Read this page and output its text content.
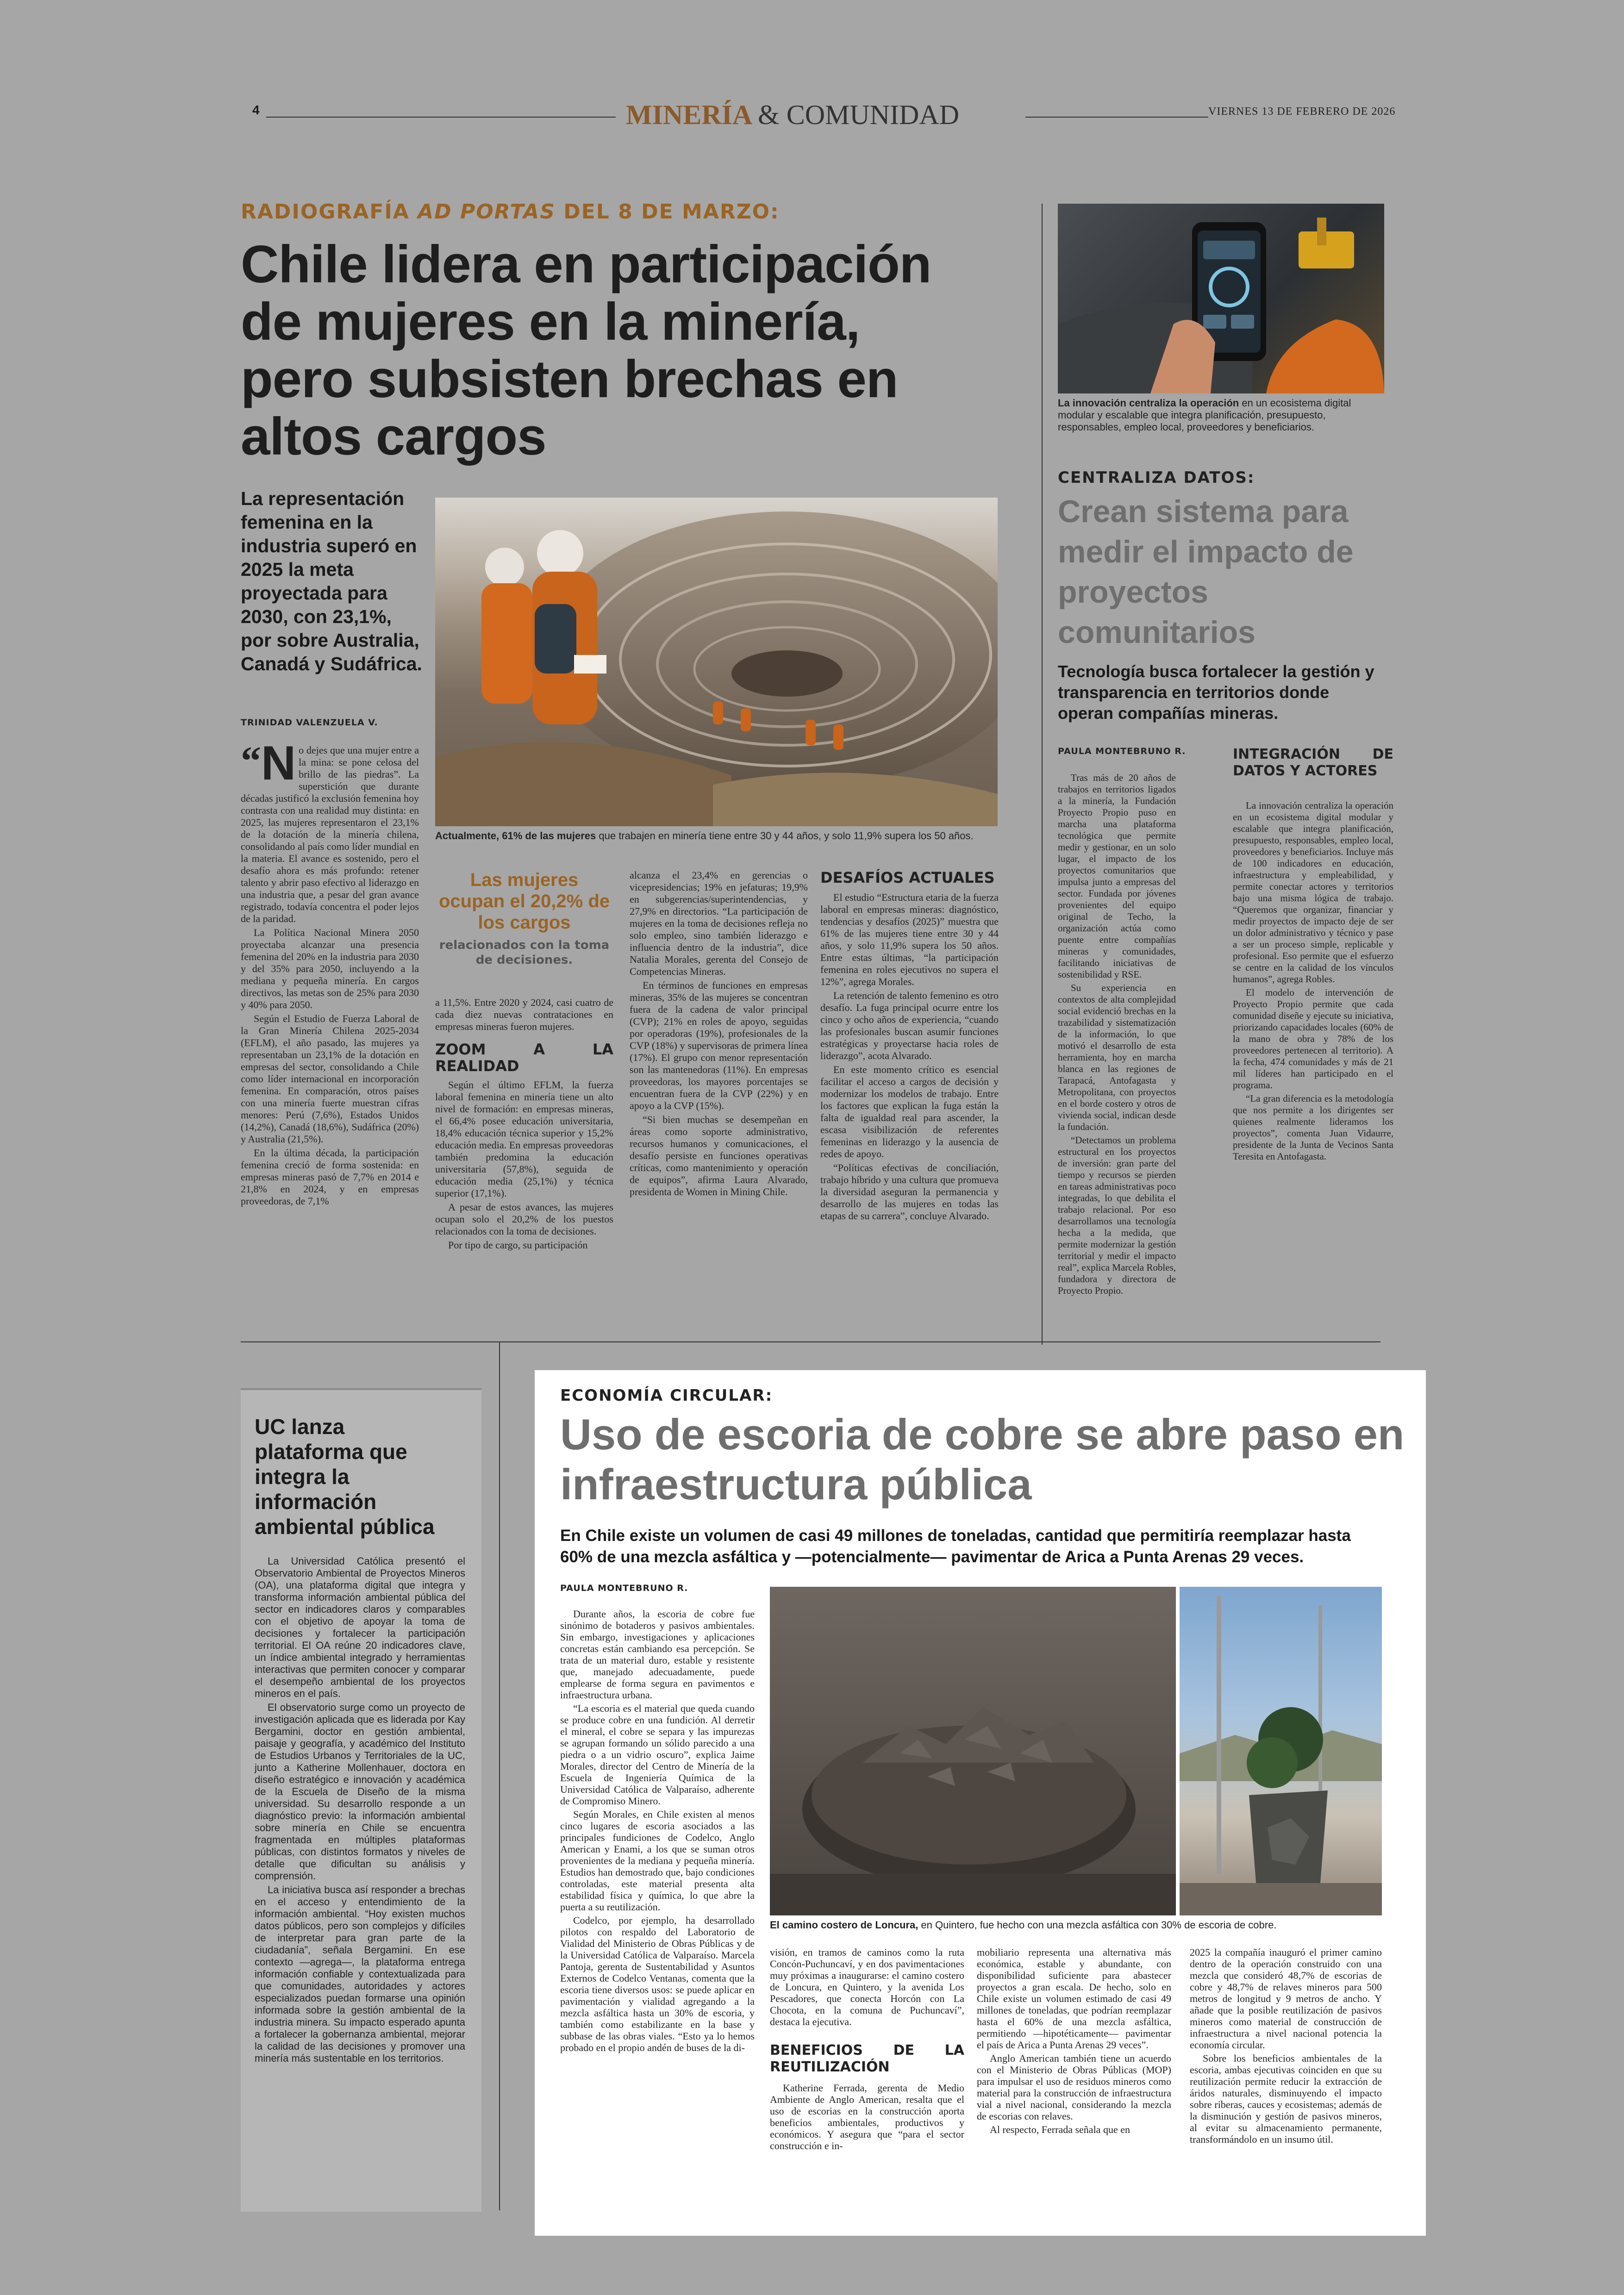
4	MINERÍA & COMUNIDAD	VIERNES 13 DE FEBRERO DE 2026
RADIOGRAFÍA AD PORTAS DEL 8 DE MARZO:
Chile lidera en participación de mujeres en la minería, pero subsisten brechas en altos cargos
La representación femenina en la industria superó en 2025 la meta proyectada para 2030, con 23,1%, por sobre Australia, Canadá y Sudáfrica.
TRINIDAD VALENZUELA V.
Actualmente, 61% de las mujeres que trabajen en minería tiene entre 30 y 44 años, y solo 11,9% supera los 50 años.

“ N o dejes que una mujer entre a la mina: se pone celosa del brillo de las piedras”. La superstición que durante décadas justificó la exclusión femenina hoy contrasta con una realidad muy distinta: en 2025, las mujeres representaron el 23,1% de la dotación de la minería chilena, consolidando al país como líder mundial en la materia. El avance es sostenido, pero el desafío ahora es más profundo: retener talento y abrir paso efectivo al liderazgo en una industria que, a pesar del gran avance registrado, todavía concentra el poder lejos de la paridad.

La Política Nacional Minera 2050 proyectaba alcanzar una presencia femenina del 20% en la industria para 2030 y del 35% para 2050, incluyendo a la mediana y pequeña minería. En cargos directivos, las metas son de 25% para 2030 y 40% para 2050.

Según el Estudio de Fuerza Laboral de la Gran Minería Chilena 2025-2034 (EFLM), el año pasado, las mujeres ya representaban un 23,1% de la dotación en empresas del sector, consolidando a Chile como líder internacional en incorporación femenina. En comparación, otros países con una minería fuerte muestran cifras menores: Perú (7,6%), Estados Unidos (14,2%), Canadá (18,6%), Sudáfrica (20%) y Australia (21,5%).

En la última década, la participación femenina creció de forma sostenida: en empresas mineras pasó de 7,7% en 2014 e 21,8% en 2024, y en empresas proveedoras, de 7,1%

Las mujeres ocupan el 20,2% de los cargos
relacionados con la toma de decisiones.

a 11,5%. Entre 2020 y 2024, casi cuatro de cada diez nuevas contrataciones en empresas mineras fueron mujeres.

ZOOM A LA REALIDAD

Según el último EFLM, la fuerza laboral femenina en minería tiene un alto nivel de formación: en empresas mineras, el 66,4% posee educación universitaria, 18,4% educación técnica superior y 15,2% educación media. En empresas proveedoras también predomina la educación universitaria (57,8%), seguida de educación media (25,1%) y técnica superior (17,1%).

A pesar de estos avances, las mujeres ocupan solo el 20,2% de los puestos relacionados con la toma de decisiones.

Por tipo de cargo, su participación

alcanza el 23,4% en gerencias o vicepresidencias; 19% en jefaturas; 19,9% en subgerencias/superintendencias, y 27,9% en directorios. “La participación de mujeres en la toma de decisiones refleja no solo empleo, sino también liderazgo e influencia dentro de la industria”, dice Natalia Morales, gerenta del Consejo de Competencias Mineras.

En términos de funciones en empresas mineras, 35% de las mujeres se concentran fuera de la cadena de valor principal (CVP); 21% en roles de apoyo, seguidas por operadoras (19%), profesionales de la CVP (18%) y supervisoras de primera línea (17%). El grupo con menor representación son las mantenedoras (11%). En empresas proveedoras, los mayores porcentajes se encuentran fuera de la CVP (22%) y en apoyo a la CVP (15%).

“Si bien muchas se desempeñan en áreas como soporte administrativo, recursos humanos y comunicaciones, el desafío persiste en funciones operativas críticas, como mantenimiento y operación de equipos”, afirma Laura Alvarado, presidenta de Women in Mining Chile.

DESAFÍOS ACTUALES

El estudio “Estructura etaria de la fuerza laboral en empresas mineras: diagnóstico, tendencias y desafíos (2025)” muestra que 61% de las mujeres tiene entre 30 y 44 años, y solo 11,9% supera los 50 años. Entre estas últimas, “la participación femenina en roles ejecutivos no supera el 12%”, agrega Morales.

La retención de talento femenino es otro desafío. La fuga principal ocurre entre los cinco y ocho años de experiencia, “cuando las profesionales buscan asumir funciones estratégicas y proyectarse hacia roles de liderazgo”, acota Alvarado.

En este momento crítico es esencial facilitar el acceso a cargos de decisión y modernizar los modelos de trabajo. Entre los factores que explican la fuga están la falta de igualdad real para ascender, la escasa visibilización de referentes femeninas en liderazgo y la ausencia de redes de apoyo.

“Políticas efectivas de conciliación, trabajo híbrido y una cultura que promueva la diversidad aseguran la permanencia y desarrollo de las mujeres en todas las etapas de su carrera”, concluye Alvarado.

La innovación centraliza la operación en un ecosistema digital modular y escalable que integra planificación, presupuesto, responsables, empleo local, proveedores y beneficiarios.
CENTRALIZA DATOS:
Crean sistema para medir el impacto de proyectos comunitarios
Tecnología busca fortalecer la gestión y transparencia en territorios donde operan compañías mineras.
PAULA MONTEBRUNO R.

Tras más de 20 años de trabajos en territorios ligados a la minería, la Fundación Proyecto Propio puso en marcha una plataforma tecnológica que permite medir y gestionar, en un solo lugar, el impacto de los proyectos comunitarios que impulsa junto a empresas del sector. Fundada por jóvenes provenientes del equipo original de Techo, la organización actúa como puente entre compañías mineras y comunidades, facilitando iniciativas de sostenibilidad y RSE.

Su experiencia en contextos de alta complejidad social evidenció brechas en la trazabilidad y sistematización de la información, lo que motivó el desarrollo de esta herramienta, hoy en marcha blanca en las regiones de Tarapacá, Antofagasta y Metropolitana, con proyectos en el borde costero y otros de vivienda social, indican desde la fundación.

“Detectamos un problema estructural en los proyectos de inversión: gran parte del tiempo y recursos se pierden en tareas administrativas poco integradas, lo que debilita el trabajo relacional. Por eso desarrollamos una tecnología hecha a la medida, que permite modernizar la gestión territorial y medir el impacto real”, explica Marcela Robles, fundadora y directora de Proyecto Propio.

INTEGRACIÓN DE DATOS Y ACTORES

La innovación centraliza la operación en un ecosistema digital modular y escalable que integra planificación, presupuesto, responsables, empleo local, proveedores y beneficiarios. Incluye más de 100 indicadores en educación, infraestructura y empleabilidad, y permite conectar actores y territorios bajo una misma lógica de trabajo. “Queremos que organizar, financiar y medir proyectos de impacto deje de ser un dolor administrativo y técnico y pase a ser un proceso simple, replicable y profesional. Eso permite que el esfuerzo se centre en la calidad de los vínculos humanos”, agrega Robles.

El modelo de intervención de Proyecto Propio permite que cada comunidad diseñe y ejecute su iniciativa, priorizando capacidades locales (60% de la mano de obra y 78% de los proveedores pertenecen al territorio). A la fecha, 474 comunidades y más de 21 mil líderes han participado en el programa.

“La gran diferencia es la metodología que nos permite a los dirigentes ser quienes realmente lideramos los proyectos”, comenta Juan Vidaurre, presidente de la Junta de Vecinos Santa Teresita en Antofagasta.

UC lanza plataforma que integra la información ambiental pública

La Universidad Católica presentó el Observatorio Ambiental de Proyectos Mineros (OA), una plataforma digital que integra y transforma información ambiental pública del sector en indicadores claros y comparables con el objetivo de apoyar la toma de decisiones y fortalecer la participación territorial. El OA reúne 20 indicadores clave, un índice ambiental integrado y herramientas interactivas que permiten conocer y comparar el desempeño ambiental de los proyectos mineros en el país.

El observatorio surge como un proyecto de investigación aplicada que es liderada por Kay Bergamini, doctor en gestión ambiental, paisaje y geografía, y académico del Instituto de Estudios Urbanos y Territoriales de la UC, junto a Katherine Mollenhauer, doctora en diseño estratégico e innovación y académica de la Escuela de Diseño de la misma universidad. Su desarrollo responde a un diagnóstico previo: la información ambiental sobre minería en Chile se encuentra fragmentada en múltiples plataformas públicas, con distintos formatos y niveles de detalle que dificultan su análisis y comprensión.

La iniciativa busca así responder a brechas en el acceso y entendimiento de la información ambiental. “Hoy existen muchos datos públicos, pero son complejos y difíciles de interpretar para gran parte de la ciudadanía”, señala Bergamini. En ese contexto —agrega—, la plataforma entrega información confiable y contextualizada para que comunidades, autoridades y actores especializados puedan formarse una opinión informada sobre la gestión ambiental de la industria minera. Su impacto esperado apunta a fortalecer la gobernanza ambiental, mejorar la calidad de las decisiones y promover una minería más sustentable en los territorios.

ECONOMÍA CIRCULAR:
Uso de escoria de cobre se abre paso en infraestructura pública
En Chile existe un volumen de casi 49 millones de toneladas, cantidad que permitiría reemplazar hasta 60% de una mezcla asfáltica y —potencialmente— pavimentar de Arica a Punta Arenas 29 veces.
PAULA MONTEBRUNO R.

Durante años, la escoria de cobre fue sinónimo de botaderos y pasivos ambientales. Sin embargo, investigaciones y aplicaciones concretas están cambiando esa percepción. Se trata de un material duro, estable y resistente que, manejado adecuadamente, puede emplearse de forma segura en pavimentos e infraestructura urbana.

“La escoria es el material que queda cuando se produce cobre en una fundición. Al derretir el mineral, el cobre se separa y las impurezas se agrupan formando un sólido parecido a una piedra o a un vidrio oscuro”, explica Jaime Morales, director del Centro de Minería de la Escuela de Ingeniería Química de la Universidad Católica de Valparaíso, adherente de Compromiso Minero.

Según Morales, en Chile existen al menos cinco lugares de escoria asociados a las principales fundiciones de Codelco, Anglo American y Enami, a los que se suman otros provenientes de la mediana y pequeña minería. Estudios han demostrado que, bajo condiciones controladas, este material presenta alta estabilidad física y química, lo que abre la puerta a su reutilización.

Codelco, por ejemplo, ha desarrollado pilotos con respaldo del Laboratorio de Vialidad del Ministerio de Obras Públicas y de la Universidad Católica de Valparaíso. Marcela Pantoja, gerenta de Sustentabilidad y Asuntos Externos de Codelco Ventanas, comenta que la escoria tiene diversos usos: se puede aplicar en pavimentación y vialidad agregando a la mezcla asfáltica hasta un 30% de escoria, y también como estabilizante en la base y subbase de las obras viales. “Esto ya lo hemos probado en el propio andén de buses de la di-

El camino costero de Loncura, en Quintero, fue hecho con una mezcla asfáltica con 30% de escoria de cobre.

visión, en tramos de caminos como la ruta Concón-Puchuncaví, y en dos pavimentaciones muy próximas a inaugurarse: el camino costero de Loncura, en Quintero, y la avenida Los Pescadores, que conecta Horcón con La Chocota, en la comuna de Puchuncaví”, destaca la ejecutiva.

BENEFICIOS DE LA REUTILIZACIÓN

Katherine Ferrada, gerenta de Medio Ambiente de Anglo American, resalta que el uso de escorias en la construcción aporta beneficios ambientales, productivos y económicos. Y asegura que “para el sector construcción e in-

mobiliario representa una alternativa más económica, estable y abundante, con disponibilidad suficiente para abastecer proyectos a gran escala. De hecho, solo en Chile existe un volumen estimado de casi 49 millones de toneladas, que podrían reemplazar hasta el 60% de una mezcla asfáltica, permitiendo —hipotéticamente— pavimentar el país de Arica a Punta Arenas 29 veces”.

Anglo American también tiene un acuerdo con el Ministerio de Obras Públicas (MOP) para impulsar el uso de residuos mineros como material para la construcción de infraestructura vial a nivel nacional, considerando la mezcla de escorias con relaves.

Al respecto, Ferrada señala que en

2025 la compañía inauguró el primer camino dentro de la operación construido con una mezcla que consideró 48,7% de escorias de cobre y 48,7% de relaves mineros para 500 metros de longitud y 9 metros de ancho. Y añade que la posible reutilización de pasivos mineros como material de construcción de infraestructura a nivel nacional potencia la economía circular.

Sobre los beneficios ambientales de la escoria, ambas ejecutivas coinciden en que su reutilización permite reducir la extracción de áridos naturales, disminuyendo el impacto sobre riberas, cauces y ecosistemas; además de la disminución y gestión de pasivos mineros, al evitar su almacenamiento permanente, transformándolo en un insumo útil.
